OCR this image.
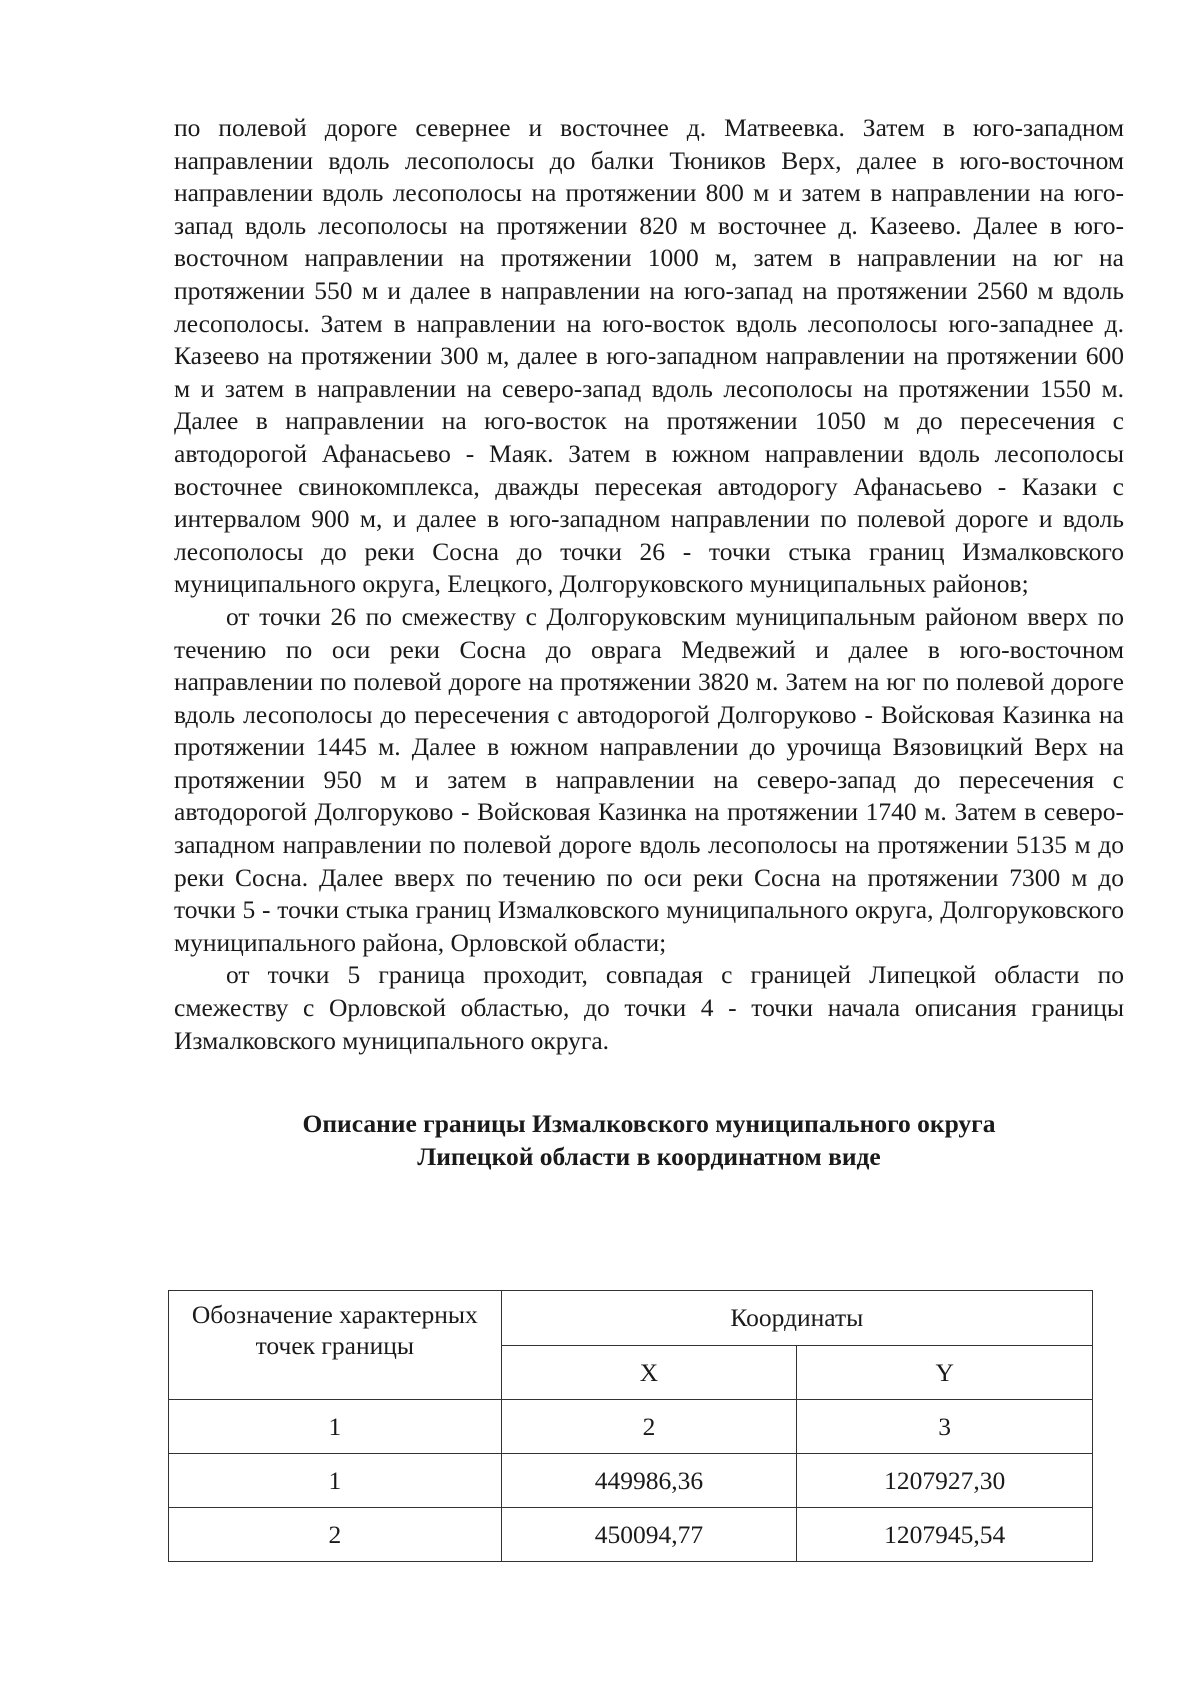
по полевой дороге севернее и восточнее д. Матвеевка. Затем в юго-западном направлении вдоль лесополосы до балки Тюников Верх, далее в юго-восточном направлении вдоль лесополосы на протяжении 800 м и затем в направлении на юго-запад вдоль лесополосы на протяжении 820 м восточнее д. Казеево. Далее в юго-восточном направлении на протяжении 1000 м, затем в направлении на юг на протяжении 550 м и далее в направлении на юго-запад на протяжении 2560 м вдоль лесополосы. Затем в направлении на юго-восток вдоль лесополосы юго-западнее д. Казеево на протяжении 300 м, далее в юго-западном направлении на протяжении 600 м и затем в направлении на северо-запад вдоль лесополосы на протяжении 1550 м. Далее в направлении на юго-восток на протяжении 1050 м до пересечения с автодорогой Афанасьево - Маяк. Затем в южном направлении вдоль лесополосы восточнее свинокомплекса, дважды пересекая автодорогу Афанасьево - Казаки с интервалом 900 м, и далее в юго-западном направлении по полевой дороге и вдоль лесополосы до реки Сосна до точки 26 - точки стыка границ Измалковского муниципального округа, Елецкого, Долгоруковского муниципальных районов;

от точки 26 по смежеству с Долгоруковским муниципальным районом вверх по течению по оси реки Сосна до оврага Медвежий и далее в юго-восточном направлении по полевой дороге на протяжении 3820 м. Затем на юг по полевой дороге вдоль лесополосы до пересечения с автодорогой Долгоруково - Войсковая Казинка на протяжении 1445 м. Далее в южном направлении до урочища Вязовицкий Верх на протяжении 950 м и затем в направлении на северо-запад до пересечения с автодорогой Долгоруково - Войсковая Казинка на протяжении 1740 м. Затем в северо-западном направлении по полевой дороге вдоль лесополосы на протяжении 5135 м до реки Сосна. Далее вверх по течению по оси реки Сосна на протяжении 7300 м до точки 5 - точки стыка границ Измалковского муниципального округа, Долгоруковского муниципального района, Орловской области;

от точки 5 граница проходит, совпадая с границей Липецкой области по смежеству с Орловской областью, до точки 4 - точки начала описания границы Измалковского муниципального округа.

Описание границы Измалковского муниципального округа
Липецкой области в координатном виде
Обозначение характерных точек границы	Координаты	
	X	Y
1	2	3
1	449986,36	1207927,30
2	450094,77	1207945,54
